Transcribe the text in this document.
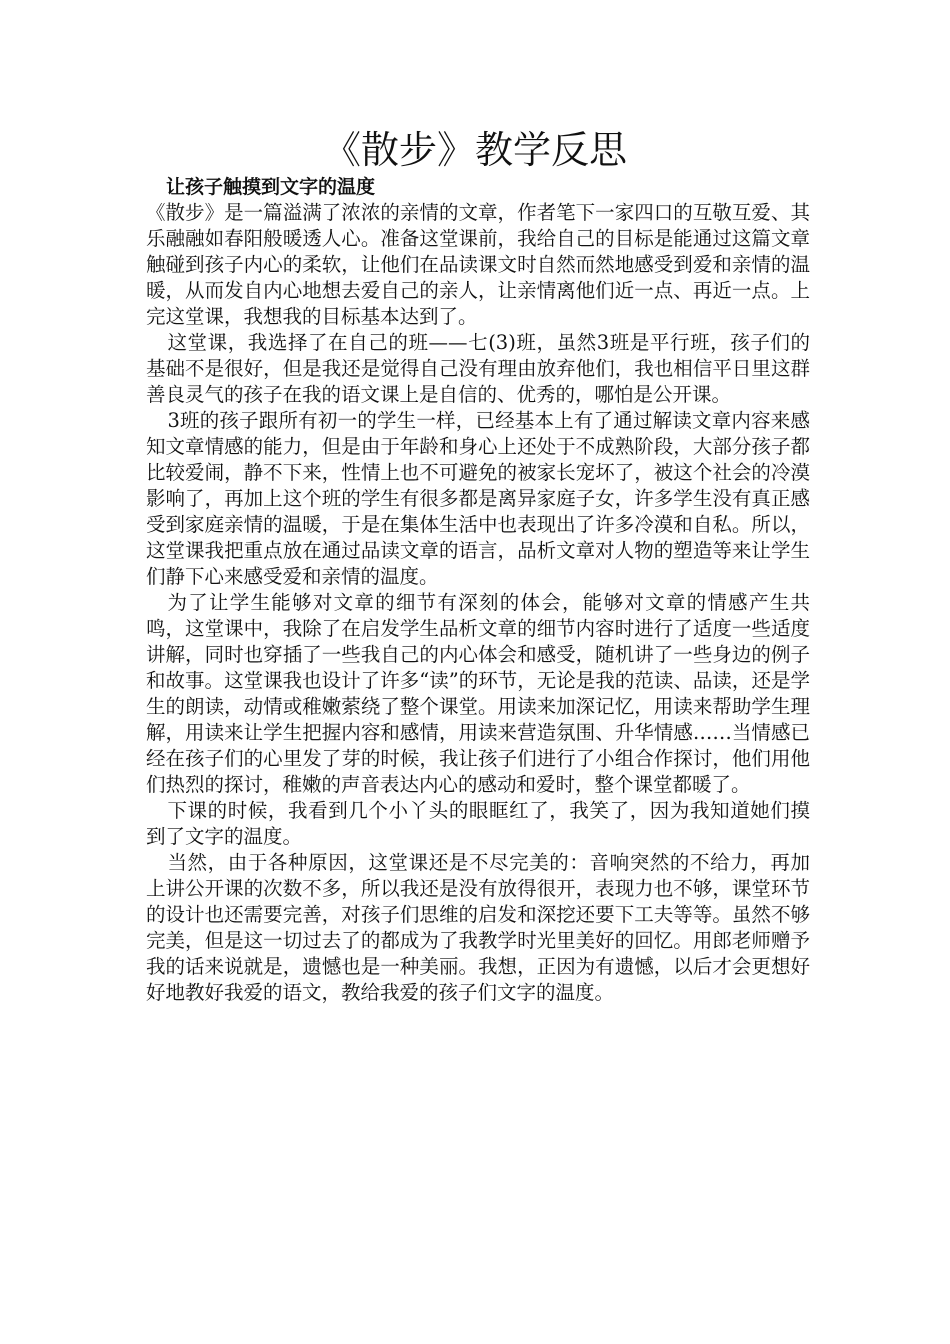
《散步》教学反思
让孩子触摸到文字的温度

《散步》是一篇溢满了浓浓的亲情的文章，作者笔下一家四口的互敬互爱、其乐融融如春阳般暖透人心。准备这堂课前，我给自己的目标是能通过这篇文章触碰到孩子内心的柔软，让他们在品读课文时自然而然地感受到爱和亲情的温暖，从而发自内心地想去爱自己的亲人，让亲情离他们近一点、再近一点。上完这堂课，我想我的目标基本达到了。

这堂课，我选择了在自己的班——七(3)班，虽然3班是平行班，孩子们的基础不是很好，但是我还是觉得自己没有理由放弃他们，我也相信平日里这群善良灵气的孩子在我的语文课上是自信的、优秀的，哪怕是公开课。

3班的孩子跟所有初一的学生一样，已经基本上有了通过解读文章内容来感知文章情感的能力，但是由于年龄和身心上还处于不成熟阶段，大部分孩子都比较爱闹，静不下来，性情上也不可避免的被家长宠坏了，被这个社会的冷漠影响了，再加上这个班的学生有很多都是离异家庭子女，许多学生没有真正感受到家庭亲情的温暖，于是在集体生活中也表现出了许多冷漠和自私。所以，这堂课我把重点放在通过品读文章的语言，品析文章对人物的塑造等来让学生们静下心来感受爱和亲情的温度。

为了让学生能够对文章的细节有深刻的体会，能够对文章的情感产生共鸣，这堂课中，我除了在启发学生品析文章的细节内容时进行了适度一些适度讲解，同时也穿插了一些我自己的内心体会和感受，随机讲了一些身边的例子和故事。这堂课我也设计了许多“读”的环节，无论是我的范读、品读，还是学生的朗读，动情或稚嫩萦绕了整个课堂。用读来加深记忆，用读来帮助学生理解，用读来让学生把握内容和感情，用读来营造氛围、升华情感……当情感已经在孩子们的心里发了芽的时候，我让孩子们进行了小组合作探讨，他们用他们热烈的探讨，稚嫩的声音表达内心的感动和爱时，整个课堂都暖了。

下课的时候，我看到几个小丫头的眼眶红了，我笑了，因为我知道她们摸到了文字的温度。

当然，由于各种原因，这堂课还是不尽完美的：音响突然的不给力，再加上讲公开课的次数不多，所以我还是没有放得很开，表现力也不够，课堂环节的设计也还需要完善，对孩子们思维的启发和深挖还要下工夫等等。虽然不够完美，但是这一切过去了的都成为了我教学时光里美好的回忆。用郎老师赠予我的话来说就是，遗憾也是一种美丽。我想，正因为有遗憾，以后才会更想好好地教好我爱的语文，教给我爱的孩子们文字的温度。
